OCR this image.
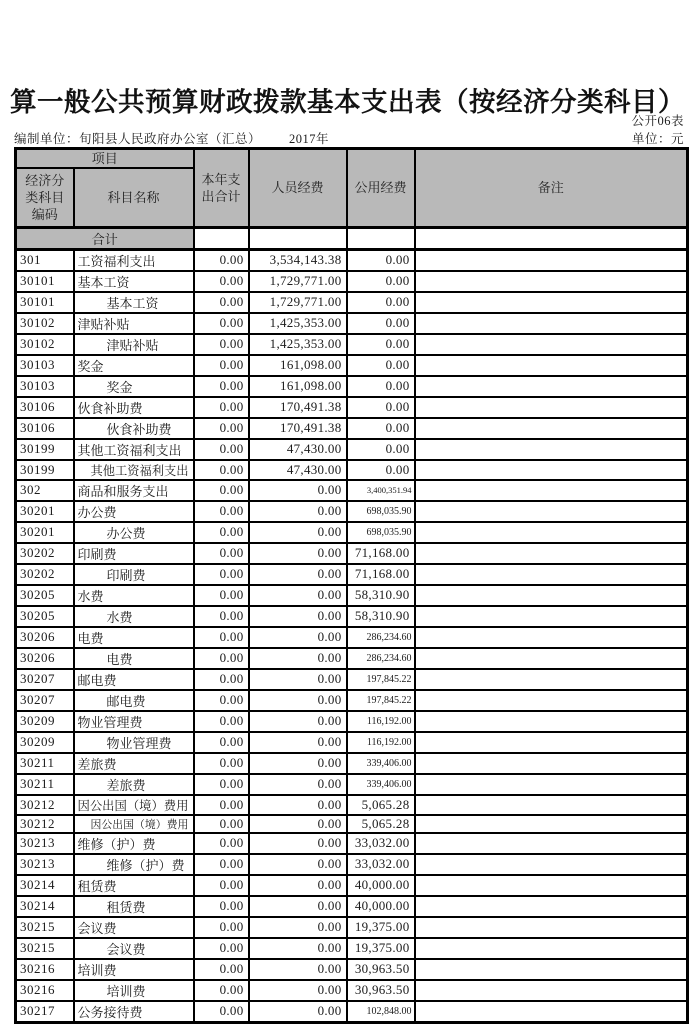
算一般公共预算财政拨款基本支出表（按经济分类科目）
公开06表
编制单位：旬阳县人民政府办公室（汇总） 2017年	单位：元
项目		本年支出合计	人员经费	公用经费	备注
经济分类科目编码	科目名称				
合计					
301	工资福利支出	0.00	3,534,143.38	0.00	
30101	基本工资	0.00	1,729,771.00	0.00	
30101	基本工资	0.00	1,729,771.00	0.00	
30102	津贴补贴	0.00	1,425,353.00	0.00	
30102	津贴补贴	0.00	1,425,353.00	0.00	
30103	奖金	0.00	161,098.00	0.00	
30103	奖金	0.00	161,098.00	0.00	
30106	伙食补助费	0.00	170,491.38	0.00	
30106	伙食补助费	0.00	170,491.38	0.00	
30199	其他工资福利支出	0.00	47,430.00	0.00	
30199	其他工资福利支出	0.00	47,430.00	0.00	
302	商品和服务支出	0.00	0.00	3,400,351.94	
30201	办公费	0.00	0.00	698,035.90	
30201	办公费	0.00	0.00	698,035.90	
30202	印刷费	0.00	0.00	71,168.00	
30202	印刷费	0.00	0.00	71,168.00	
30205	水费	0.00	0.00	58,310.90	
30205	水费	0.00	0.00	58,310.90	
30206	电费	0.00	0.00	286,234.60	
30206	电费	0.00	0.00	286,234.60	
30207	邮电费	0.00	0.00	197,845.22	
30207	邮电费	0.00	0.00	197,845.22	
30209	物业管理费	0.00	0.00	116,192.00	
30209	物业管理费	0.00	0.00	116,192.00	
30211	差旅费	0.00	0.00	339,406.00	
30211	差旅费	0.00	0.00	339,406.00	
30212	因公出国（境）费用	0.00	0.00	5,065.28	
30212	因公出国（境）费用	0.00	0.00	5,065.28	
30213	维修（护）费	0.00	0.00	33,032.00	
30213	维修（护）费	0.00	0.00	33,032.00	
30214	租赁费	0.00	0.00	40,000.00	
30214	租赁费	0.00	0.00	40,000.00	
30215	会议费	0.00	0.00	19,375.00	
30215	会议费	0.00	0.00	19,375.00	
30216	培训费	0.00	0.00	30,963.50	
30216	培训费	0.00	0.00	30,963.50	
30217	公务接待费	0.00	0.00	102,848.00	
